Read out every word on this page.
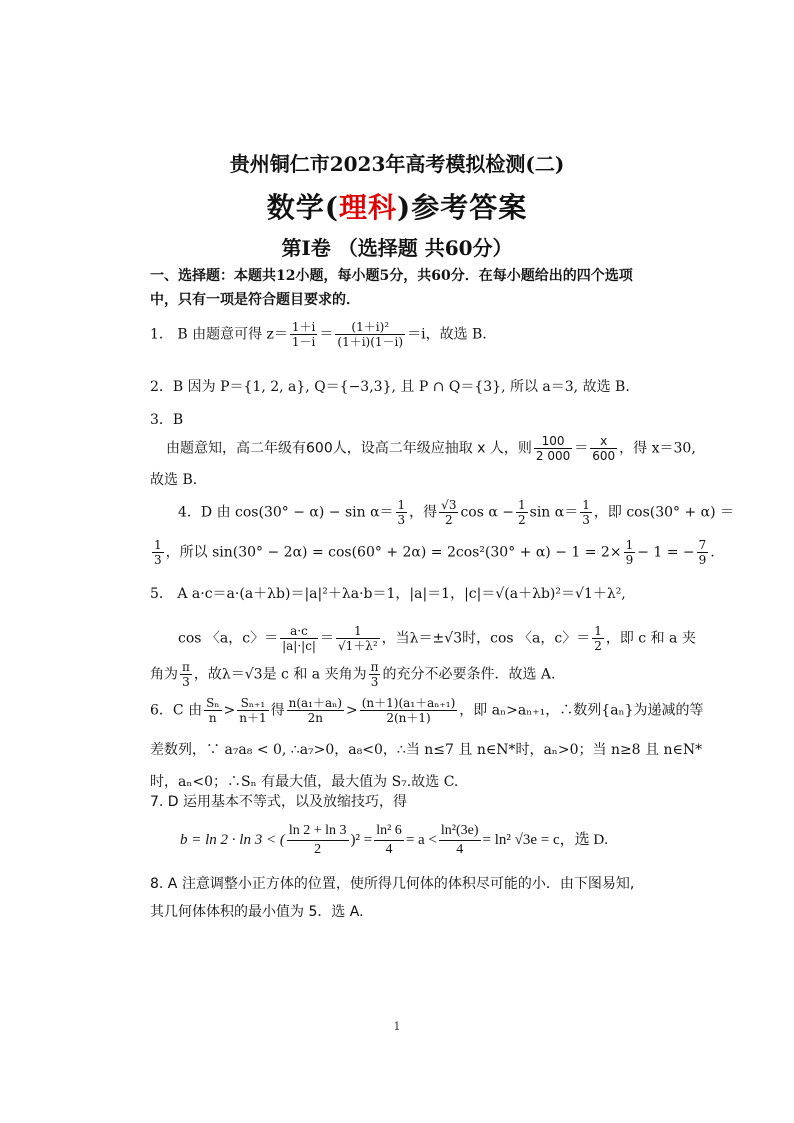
贵州铜仁市2023年高考模拟检测(二)
数学(理科)参考答案
第Ⅰ卷 （选择题 共60分）
一、选择题：本题共12小题，每小题5分，共60分．在每小题给出的四个选项中，只有一项是符合题目要求的．
1． B 由题意可得 $z= \frac{1+i}{1-i} = \frac{\text{(1＋i)²}}{(1+i)(1-i)} =i$，故选 B.
2．B 因为 P＝{1, 2, a}, Q＝{−3,3}, 且 P ∩ Q＝{3}, 所以 a＝3, 故选 B.
3．B
由题意知，高二年级有600人，设高二年级应抽取 x 人，则 $\frac{100}{2 000} = \frac{x}{600}$ ，得 x＝30,
故选 B.
4．D 由 $\cos(30^\circ - \alpha) - \sin \alpha= \frac{1}{3}$ ，得 $\frac{√3}{2}$ $\cos \alpha - \frac{1}{2}$ $\sin \alpha= \frac{1}{3}$ ，即 cos(30° + α) ＝
$\frac{1}{3}$ ，所以 $\sin(30^\circ - 2\alpha) = \cos(60^\circ + 2\alpha) = 2\cos^2(30^\circ + \alpha) - 1 = 2\times \frac{1}{9} - 1$ = − $\frac{7}{9}$ .
5． A a·c＝a·(a＋λb)＝|a|²＋λa·b＝1，|a|＝1，|c|＝√(a＋λb)²＝√1＋λ²,
cos 〈a，c〉＝ $\frac{a\cdot c}{|a|\cdot|c|} = \frac{1}{\text{√1＋λ²}}$ ，当λ＝±√3时，cos 〈a，c〉＝ $\frac{1}{2}$ ，即 c 和 a 夹
角为 $\frac{\pi}{3}$ ，故λ＝√3是 c 和 a 夹角为 $\frac{\pi}{3}$ 的充分不必要条件．故选 A.
6．C 由 $\frac{\text{Sₙ}}{n} > \frac{\text{Sₙ₊₁}}{n+1}$ 得 $\frac{\text{n(a₁＋aₙ)}}{2n} > \frac{\text{(n＋1)(a₁＋aₙ₊₁)}}{2(n+1)}$ ，即 aₙ>aₙ₊₁，∴数列{aₙ}为递减的等
差数列，∵ a₇a₈ < 0, ∴a₇>0，a₈<0，∴当 n≤7 且 n∈N*时，aₙ>0；当 n≥8 且 n∈N*
时，aₙ<0；∴Sₙ 有最大值，最大值为 S₇.故选 C.
7. D 运用基本不等式，以及放缩技巧，得
b = ln 2 · ln 3 < ( $\frac{\ln 2 + \ln 3}{2} )^2 = \frac{\text{ln² 6}}{4} = a < \frac{\text{ln²(3e)}}{4} = \ln^2$ √3e = c，选 D.
8. A 注意调整小正方体的位置，使所得几何体的体积尽可能的小．由下图易知,
其几何体体积的最小值为 5．选 A.
1
